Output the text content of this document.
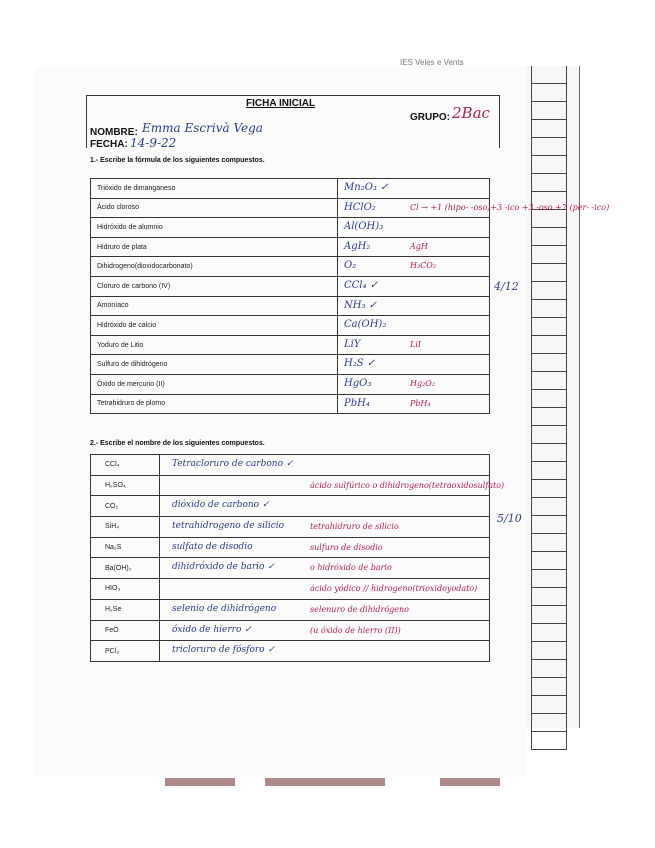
IES Veles e Vents
FICHA INICIAL
NOMBRE: Emma Escrivà Vega
FECHA: 14-9-22
GRUPO: 2Bac
1.- Escribe la fórmula de los siguientes compuestos.
Trióxido de dimanganeso	Mn₂O₃ ✓

Ácido cloroso	HClO₂ Cl → +1 (hipo- -oso)+3 -ico +3 -oso +7 (per- -ico)

Hidróxido de alumnio	Al(OH)₃

Hidruro de plata	AgH₂ AgH

Dihidrogeno(dioxidocarbonato)	O₂ H₂CO₂

Cloruro de carbono (IV)	CCl₄ ✓

Amoníaco	NH₃ ✓

Hidróxido de calcio	Ca(OH)₂

Yoduro de Litio	LiY LiI

Sulfuro de dihidrógeno	H₂S ✓

Óxido de mercurio (II)	HgO₃ Hg₂O₂

Tetrahidruro de plomo	PbH₄ PbH₄
4/12
2.- Escribe el nombre de los siguientes compuestos.
CCl₄	Tetracloruro de carbono ✓

H₂SO₄	ácido sulfúrico o dihidrogeno(tetraoxidosulfato)

CO₂	dióxido de carbono ✓

SiH₄	tetrahidrogeno de silicio tetrahidruro de silicio

Na₂S	sulfato de disodio sulfuro de disodio

Ba(OH)₂	dihidróxido de bario ✓ o hidróxido de bario

HIO₃	ácido yódico // hidrogeno(trioxidoyodato)

H₂Se	selenio de dihidrógeno selenuro de dihidrógeno

FeO	óxido de hierro ✓ (u óxido de hierro (II))

PCl₃	tricloruro de fósforo ✓
5/10
